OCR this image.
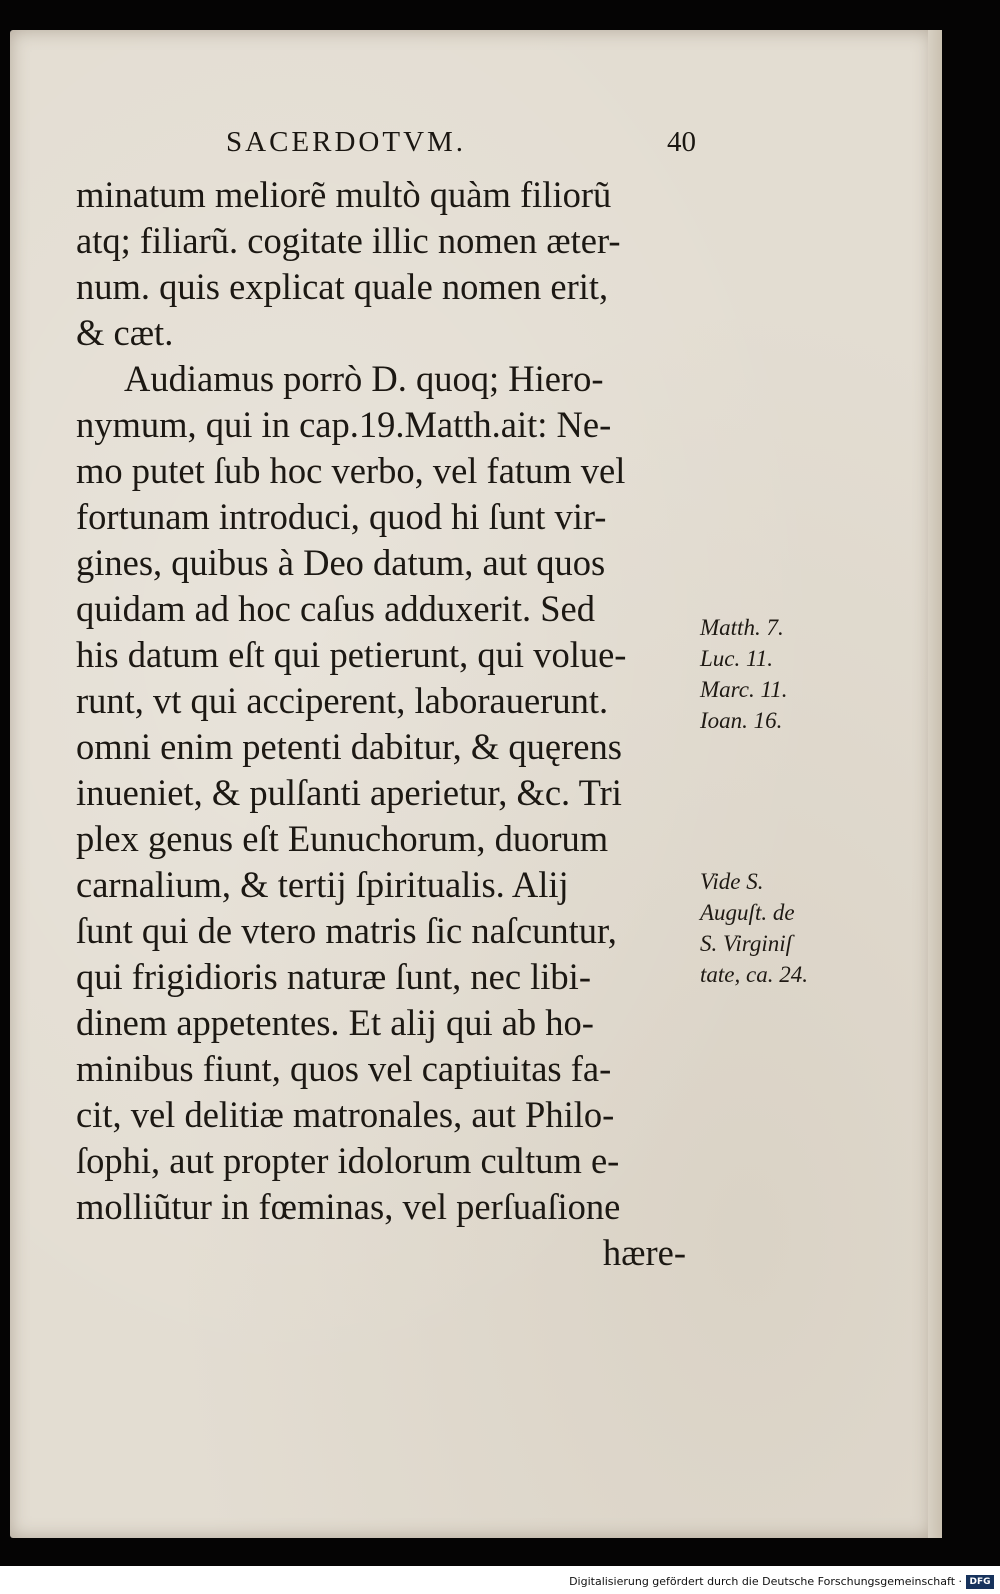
SACERDOTVM.	40
minatum meliorẽ multò quàm filiorũ
atq; filiarũ. cogitate illic nomen æter-
num. quis explicat quale nomen erit,
& cæt.
Audiamus porrò D. quoq; Hiero-
nymum, qui in cap.19.Matth.ait: Ne-
mo putet ſub hoc verbo, vel fatum vel
fortunam introduci, quod hi ſunt vir-
gines, quibus à Deo datum, aut quos
quidam ad hoc caſus adduxerit. Sed
his datum eſt qui petierunt, qui volue-
runt, vt qui acciperent, laborauerunt.
omni enim petenti dabitur, & quęrens
inueniet, & pulſanti aperietur, &c. Tri
plex genus eſt Eunuchorum, duorum
carnalium, & tertij ſpiritualis. Alij
ſunt qui de vtero matris ſic naſcuntur,
qui frigidioris naturæ ſunt, nec libi-
dinem appetentes. Et alij qui ab ho-
minibus fiunt, quos vel captiuitas fa-
cit, vel delitiæ matronales, aut Philo-
ſophi, aut propter idolorum cultum e-
molliũtur in fœminas, vel perſuaſione
hære-
Matth. 7.
Luc. 11.
Marc. 11.
Ioan. 16.
Vide S.
Auguſt. de
S. Virginiſ
tate, ca. 24.
Digitalisierung gefördert durch die Deutsche Forschungsgemeinschaft · DFG
